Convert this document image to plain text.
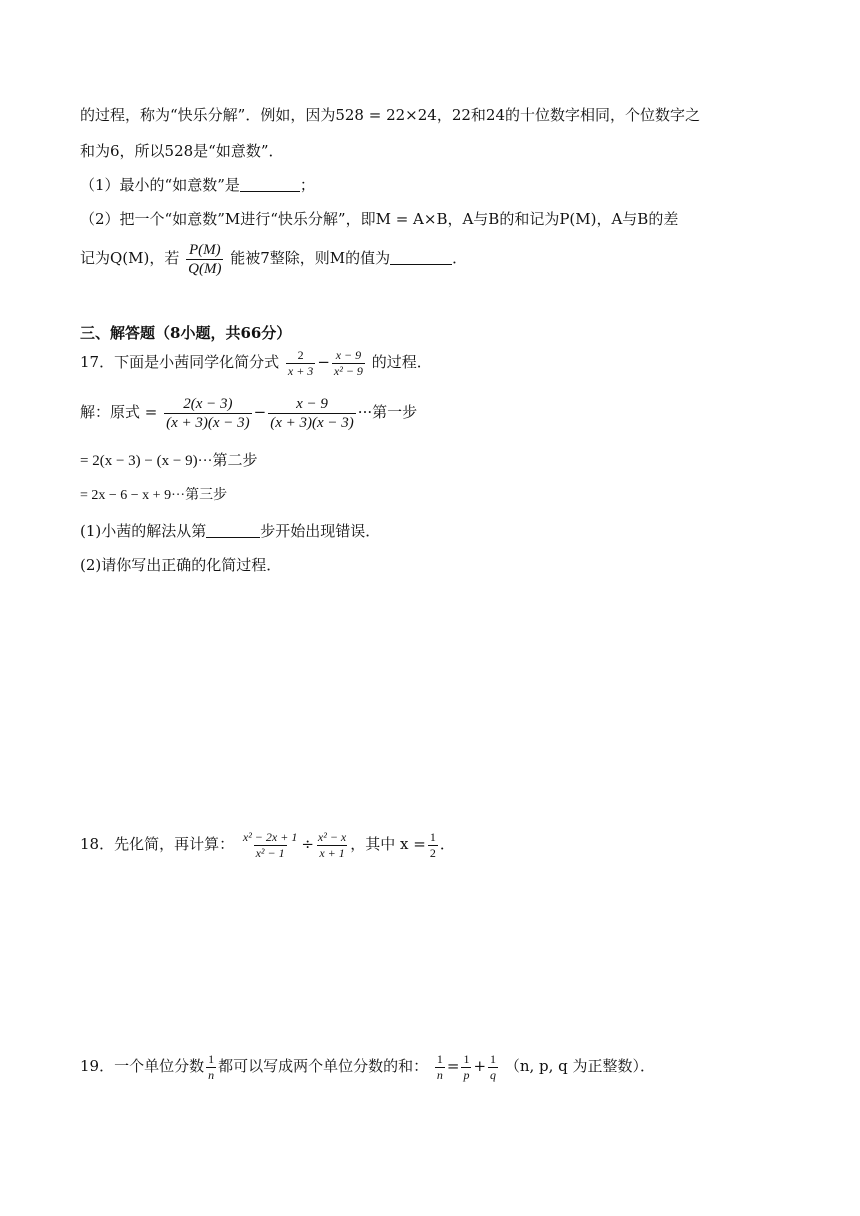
的过程，称为“快乐分解”．例如，因为528 = 22×24，22和24的十位数字相同，个位数字之
和为6，所以528是“如意数”．
（1）最小的“如意数”是	；
（2）把一个“如意数”M进行“快乐分解”，即M = A×B，A与B的和记为P(M)，A与B的差
记为Q(M)，若 $\frac{P(M)}{Q(M)}$ 能被7整除，则M的值为	．
三、解答题（8小题，共66分）
17．下面是小茜同学化简分式 $\frac{2}{x + 3} - \frac{x - 9}{\text{x² − 9}}$ 的过程．
解：原式 = $\frac{2(x - 3)}{(x + 3)(x - 3)} - \frac{x - 9}{(x + 3)(x - 3)}$ ···第一步
= 2(x − 3) − (x − 9)···第二步
= 2x − 6 − x + 9···第三步
(1)小茜的解法从第	步开始出现错误．
(2)请你写出正确的化简过程．
18．先化简，再计算： $\frac{\text{x² − 2x + 1}}{\text{x² − 1}} \div \frac{\text{x² − x}}{x + 1}$ ，其中 $x = \frac{1}{2}$ ．
19．一个单位分数 $\frac{1}{n}$ 都可以写成两个单位分数的和： $\frac{1}{n} = \frac{1}{p} + \frac{1}{q} (n$, p, q 为正整数）．
